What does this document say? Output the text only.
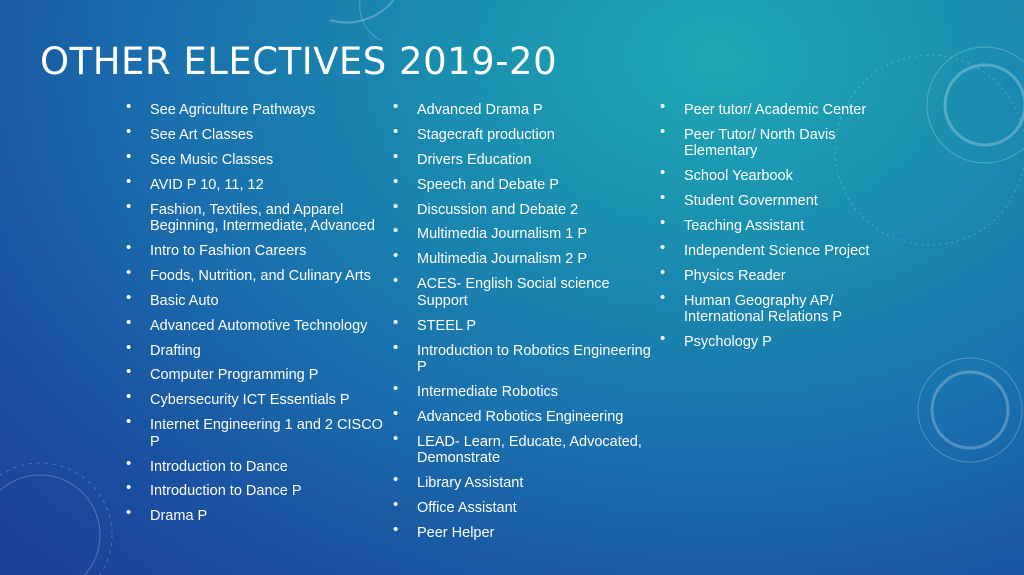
OTHER ELECTIVES 2019-20
• See Agriculture Pathways
• See Art Classes
• See Music Classes
• AVID P 10, 11, 12
• Fashion, Textiles, and Apparel Beginning, Intermediate, Advanced
• Intro to Fashion Careers
• Foods, Nutrition, and Culinary Arts
• Basic Auto
• Advanced Automotive Technology
• Drafting
• Computer Programming P
• Cybersecurity ICT Essentials P
• Internet Engineering 1 and 2 CISCO P
• Introduction to Dance
• Introduction to Dance P
• Drama P
• Advanced Drama P
• Stagecraft production
• Drivers Education
• Speech and Debate P
• Discussion and Debate 2
• Multimedia Journalism 1 P
• Multimedia Journalism 2 P
• ACES- English Social science Support
• STEEL P
• Introduction to Robotics Engineering P
• Intermediate Robotics
• Advanced Robotics Engineering
• LEAD- Learn, Educate, Advocated, Demonstrate
• Library Assistant
• Office Assistant
• Peer Helper
• Peer tutor/ Academic Center
• Peer Tutor/ North Davis Elementary
• School Yearbook
• Student Government
• Teaching Assistant
• Independent Science Project
• Physics Reader
• Human Geography AP/ International Relations P
• Psychology P
